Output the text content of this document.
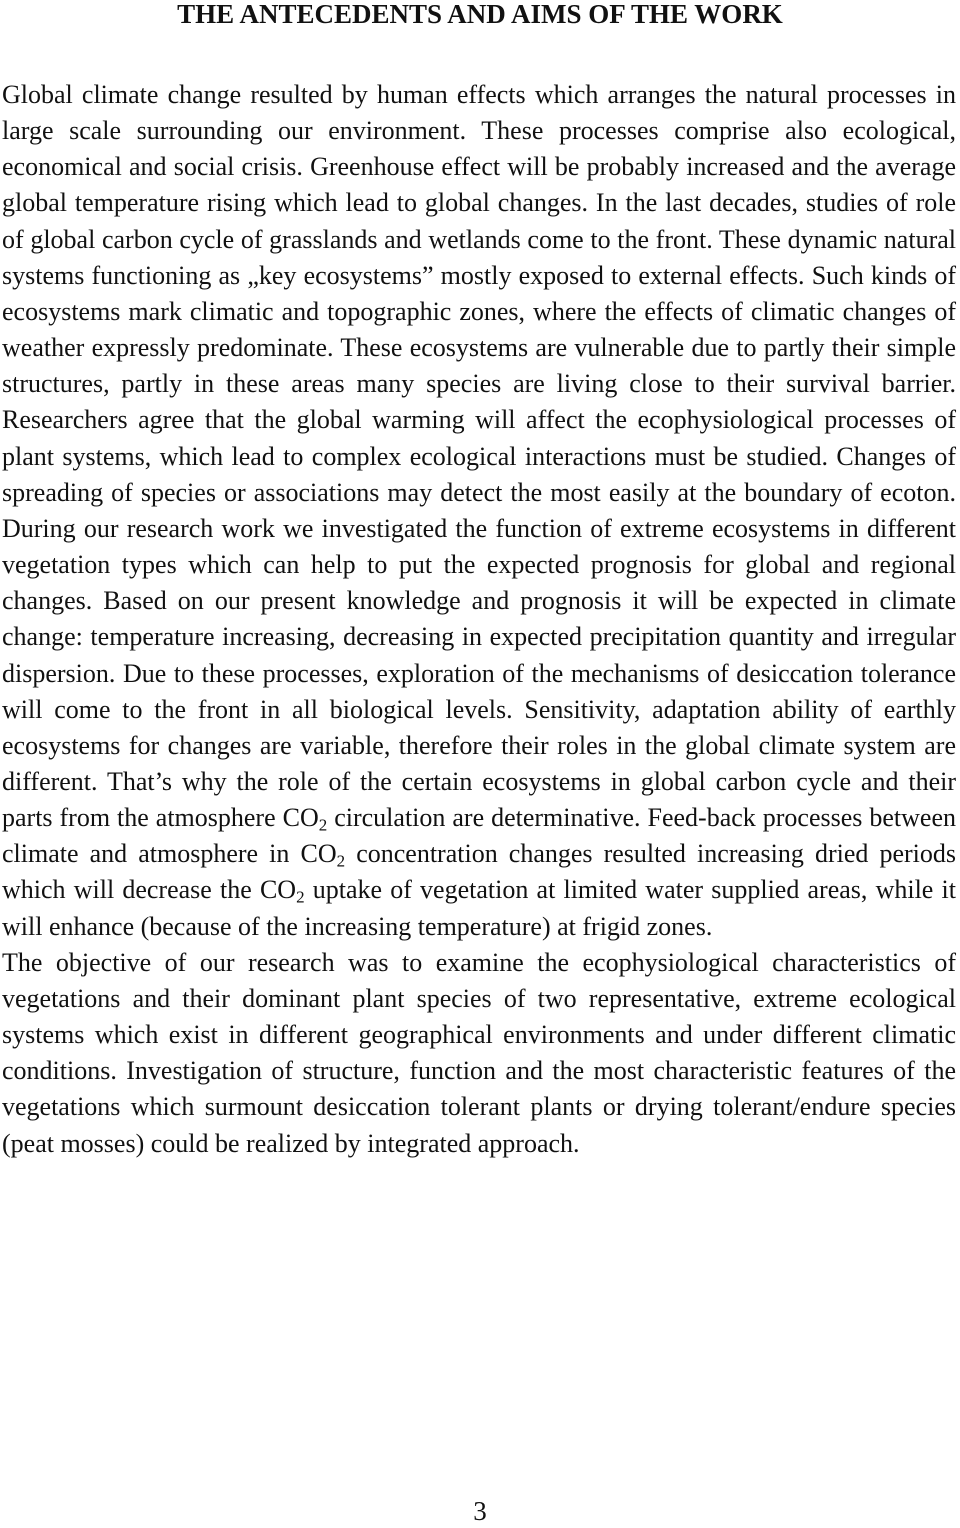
THE ANTECEDENTS AND AIMS OF THE WORK

Global climate change resulted by human effects which arranges the natural processes in large scale surrounding our environment. These processes comprise also ecological, economical and social crisis. Greenhouse effect will be probably increased and the average global temperature rising which lead to global changes. In the last decades, studies of role of global carbon cycle of grasslands and wetlands come to the front. These dynamic natural systems functioning as „key ecosystems” mostly exposed to external effects. Such kinds of ecosystems mark climatic and topographic zones, where the effects of climatic changes of weather expressly predominate. These ecosystems are vulnerable due to partly their simple structures, partly in these areas many species are living close to their survival barrier. Researchers agree that the global warming will affect the ecophysiological processes of plant systems, which lead to complex ecological interactions must be studied. Changes of spreading of species or associations may detect the most easily at the boundary of ecoton. During our research work we investigated the function of extreme ecosystems in different vegetation types which can help to put the expected prognosis for global and regional changes. Based on our present knowledge and prognosis it will be expected in climate change: temperature increasing, decreasing in expected precipitation quantity and irregular dispersion. Due to these processes, exploration of the mechanisms of desiccation tolerance will come to the front in all biological levels. Sensitivity, adaptation ability of earthly ecosystems for changes are variable, therefore their roles in the global climate system are different. That’s why the role of the certain ecosystems in global carbon cycle and their parts from the atmosphere $CO_2$ circulation are determinative. Feed-back processes between climate and atmosphere in $CO_2$ concentration changes resulted increasing dried periods which will decrease the $CO_2$ uptake of vegetation at limited water supplied areas, while it will enhance (because of the increasing temperature) at frigid zones.

The objective of our research was to examine the ecophysiological characteristics of vegetations and their dominant plant species of two representative, extreme ecological systems which exist in different geographical environments and under different climatic conditions. Investigation of structure, function and the most characteristic features of the vegetations which surmount desiccation tolerant plants or drying tolerant/endure species (peat mosses) could be realized by integrated approach.

3
